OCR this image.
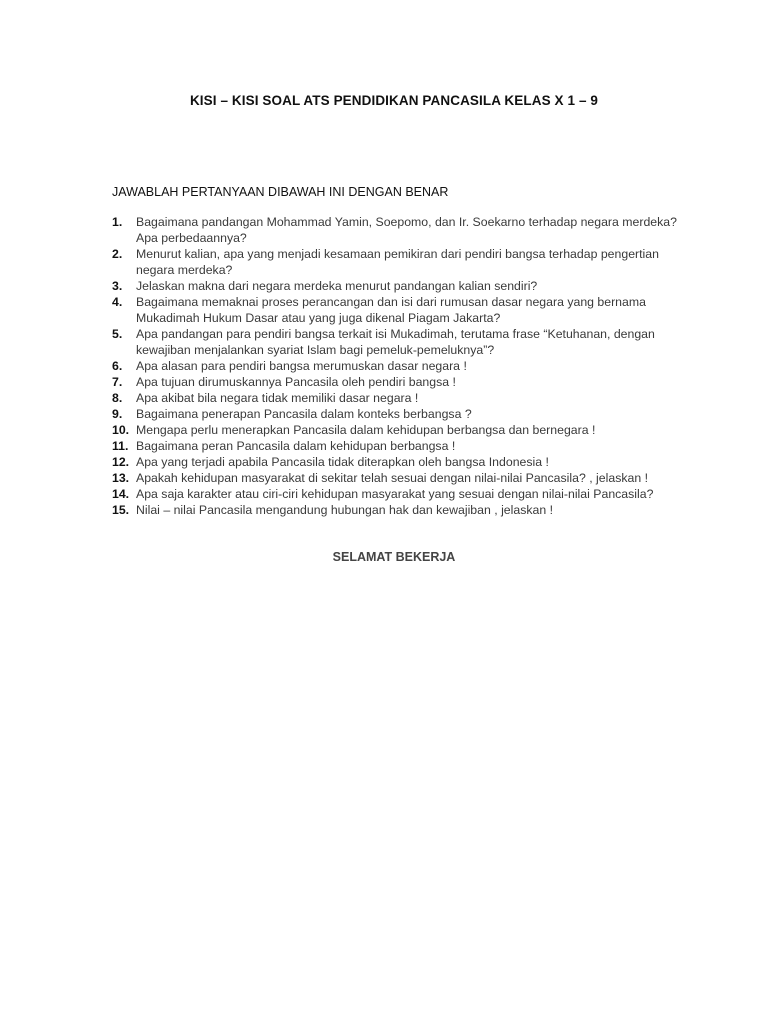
KISI – KISI SOAL ATS PENDIDIKAN PANCASILA KELAS X 1 – 9
JAWABLAH PERTANYAAN DIBAWAH INI DENGAN BENAR
1.	Bagaimana pandangan Mohammad Yamin, Soepomo, dan Ir. Soekarno terhadap negara merdeka? Apa perbedaannya?
2.	Menurut kalian, apa yang menjadi kesamaan pemikiran dari pendiri bangsa terhadap pengertian negara merdeka?
3.	Jelaskan makna dari negara merdeka menurut pandangan kalian sendiri?
4.	Bagaimana memaknai proses perancangan dan isi dari rumusan dasar negara yang bernama Mukadimah Hukum Dasar atau yang juga dikenal Piagam Jakarta?
5.	Apa pandangan para pendiri bangsa terkait isi Mukadimah, terutama frase “Ketuhanan, dengan kewajiban menjalankan syariat Islam bagi pemeluk-pemeluknya”?
6.	Apa alasan para pendiri bangsa merumuskan dasar negara !
7.	Apa tujuan dirumuskannya Pancasila oleh pendiri bangsa !
8.	Apa akibat bila negara tidak memiliki dasar negara !
9.	Bagaimana penerapan Pancasila dalam konteks berbangsa ?
10. Mengapa perlu menerapkan Pancasila dalam kehidupan berbangsa dan bernegara !
11. Bagaimana peran Pancasila dalam kehidupan berbangsa !
12. Apa yang terjadi apabila Pancasila tidak diterapkan oleh bangsa Indonesia !
13. Apakah kehidupan masyarakat di sekitar telah sesuai dengan nilai-nilai Pancasila? , jelaskan !
14. Apa saja karakter atau ciri-ciri kehidupan masyarakat yang sesuai dengan nilai-nilai Pancasila?
15. Nilai – nilai Pancasila mengandung hubungan hak dan kewajiban , jelaskan !
SELAMAT BEKERJA
